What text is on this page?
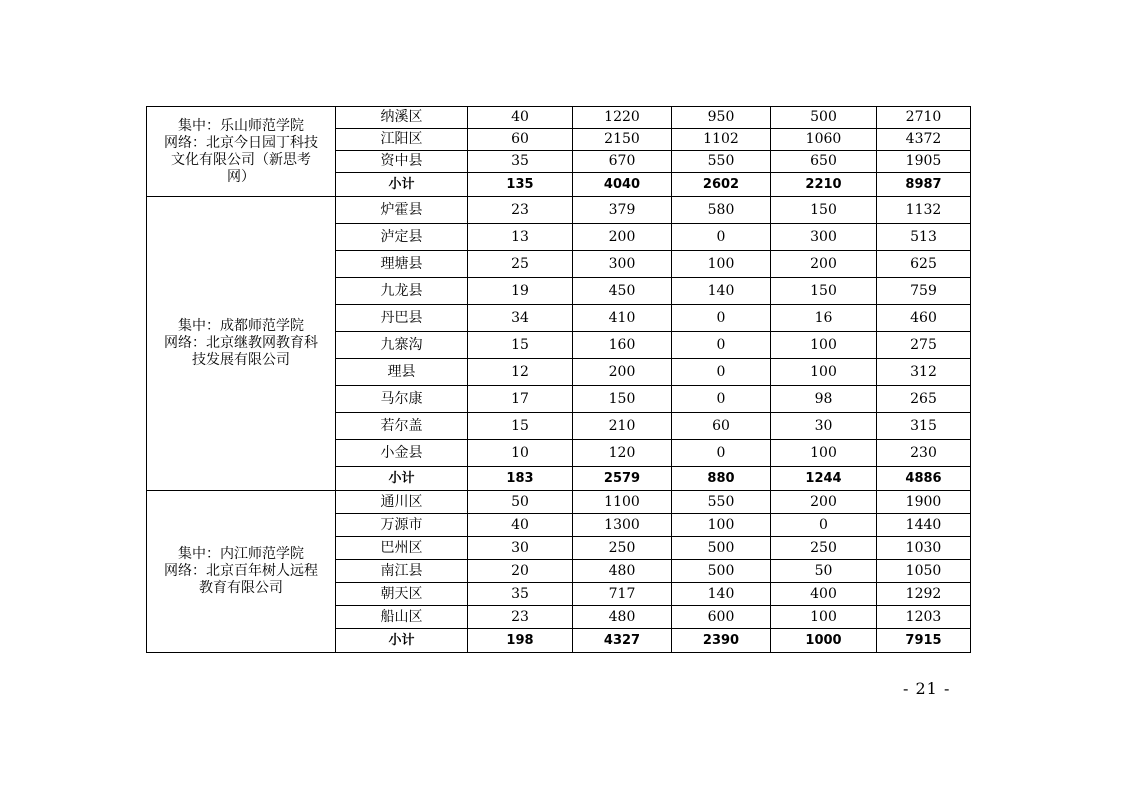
集中：乐山师范学院
网络：北京今日园丁科技
文化有限公司（新思考
网）	纳溪区	40	1220	950	500	2710
	江阳区	60	2150	1102	1060	4372
	资中县	35	670	550	650	1905
	小计	135	4040	2602	2210	8987

集中：成都师范学院
网络：北京继教网教育科
技发展有限公司	炉霍县	23	379	580	150	1132
	泸定县	13	200	0	300	513
	理塘县	25	300	100	200	625
	九龙县	19	450	140	150	759
	丹巴县	34	410	0	16	460
	九寨沟	15	160	0	100	275
	理县	12	200	0	100	312
	马尔康	17	150	0	98	265
	若尔盖	15	210	60	30	315
	小金县	10	120	0	100	230
	小计	183	2579	880	1244	4886

集中：内江师范学院
网络：北京百年树人远程
教育有限公司	通川区	50	1100	550	200	1900
	万源市	40	1300	100	0	1440
	巴州区	30	250	500	250	1030
	南江县	20	480	500	50	1050
	朝天区	35	717	140	400	1292
	船山区	23	480	600	100	1203
	小计	198	4327	2390	1000	7915
- 21 -
